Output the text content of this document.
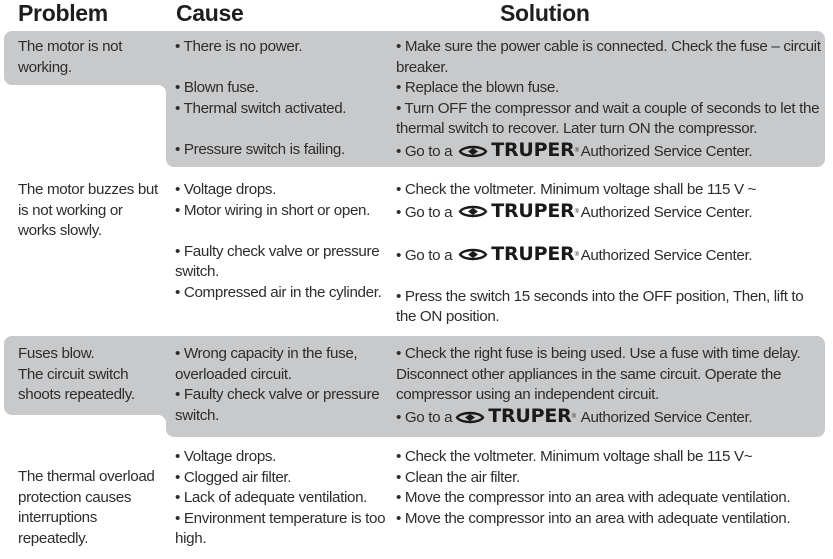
Problem	Cause	Solution
The motor is not
working.
• There is no power.
• Blown fuse.
• Thermal switch activated.
• Pressure switch is failing.
• Make sure the power cable is connected. Check the fuse – circuit
breaker.
• Replace the blown fuse.
• Turn OFF the compressor and wait a couple of seconds to let the
thermal switch to recover. Later turn ON the compressor.
• Go to a TRUPER® Authorized Service Center.
The motor buzzes but
is not working or
works slowly.
• Voltage drops.
• Motor wiring in short or open.
• Faulty check valve or pressure
switch.
• Compressed air in the cylinder.
• Check the voltmeter. Minimum voltage shall be 115 V ~
• Go to a TRUPER® Authorized Service Center.
• Go to a TRUPER® Authorized Service Center.
• Press the switch 15 seconds into the OFF position, Then, lift to
the ON position.
Fuses blow.
The circuit switch
shoots repeatedly.
• Wrong capacity in the fuse,
overloaded circuit.
• Faulty check valve or pressure
switch.
• Check the right fuse is being used. Use a fuse with time delay.
Disconnect other appliances in the same circuit. Operate the
compressor using an independent circuit.
• Go to a TRUPER® Authorized Service Center.
The thermal overload
protection causes
interruptions
repeatedly.
• Voltage drops.
• Clogged air filter.
• Lack of adequate ventilation.
• Environment temperature is too
high.
• Check the voltmeter. Minimum voltage shall be 115 V~
• Clean the air filter.
• Move the compressor into an area with adequate ventilation.
• Move the compressor into an area with adequate ventilation.
